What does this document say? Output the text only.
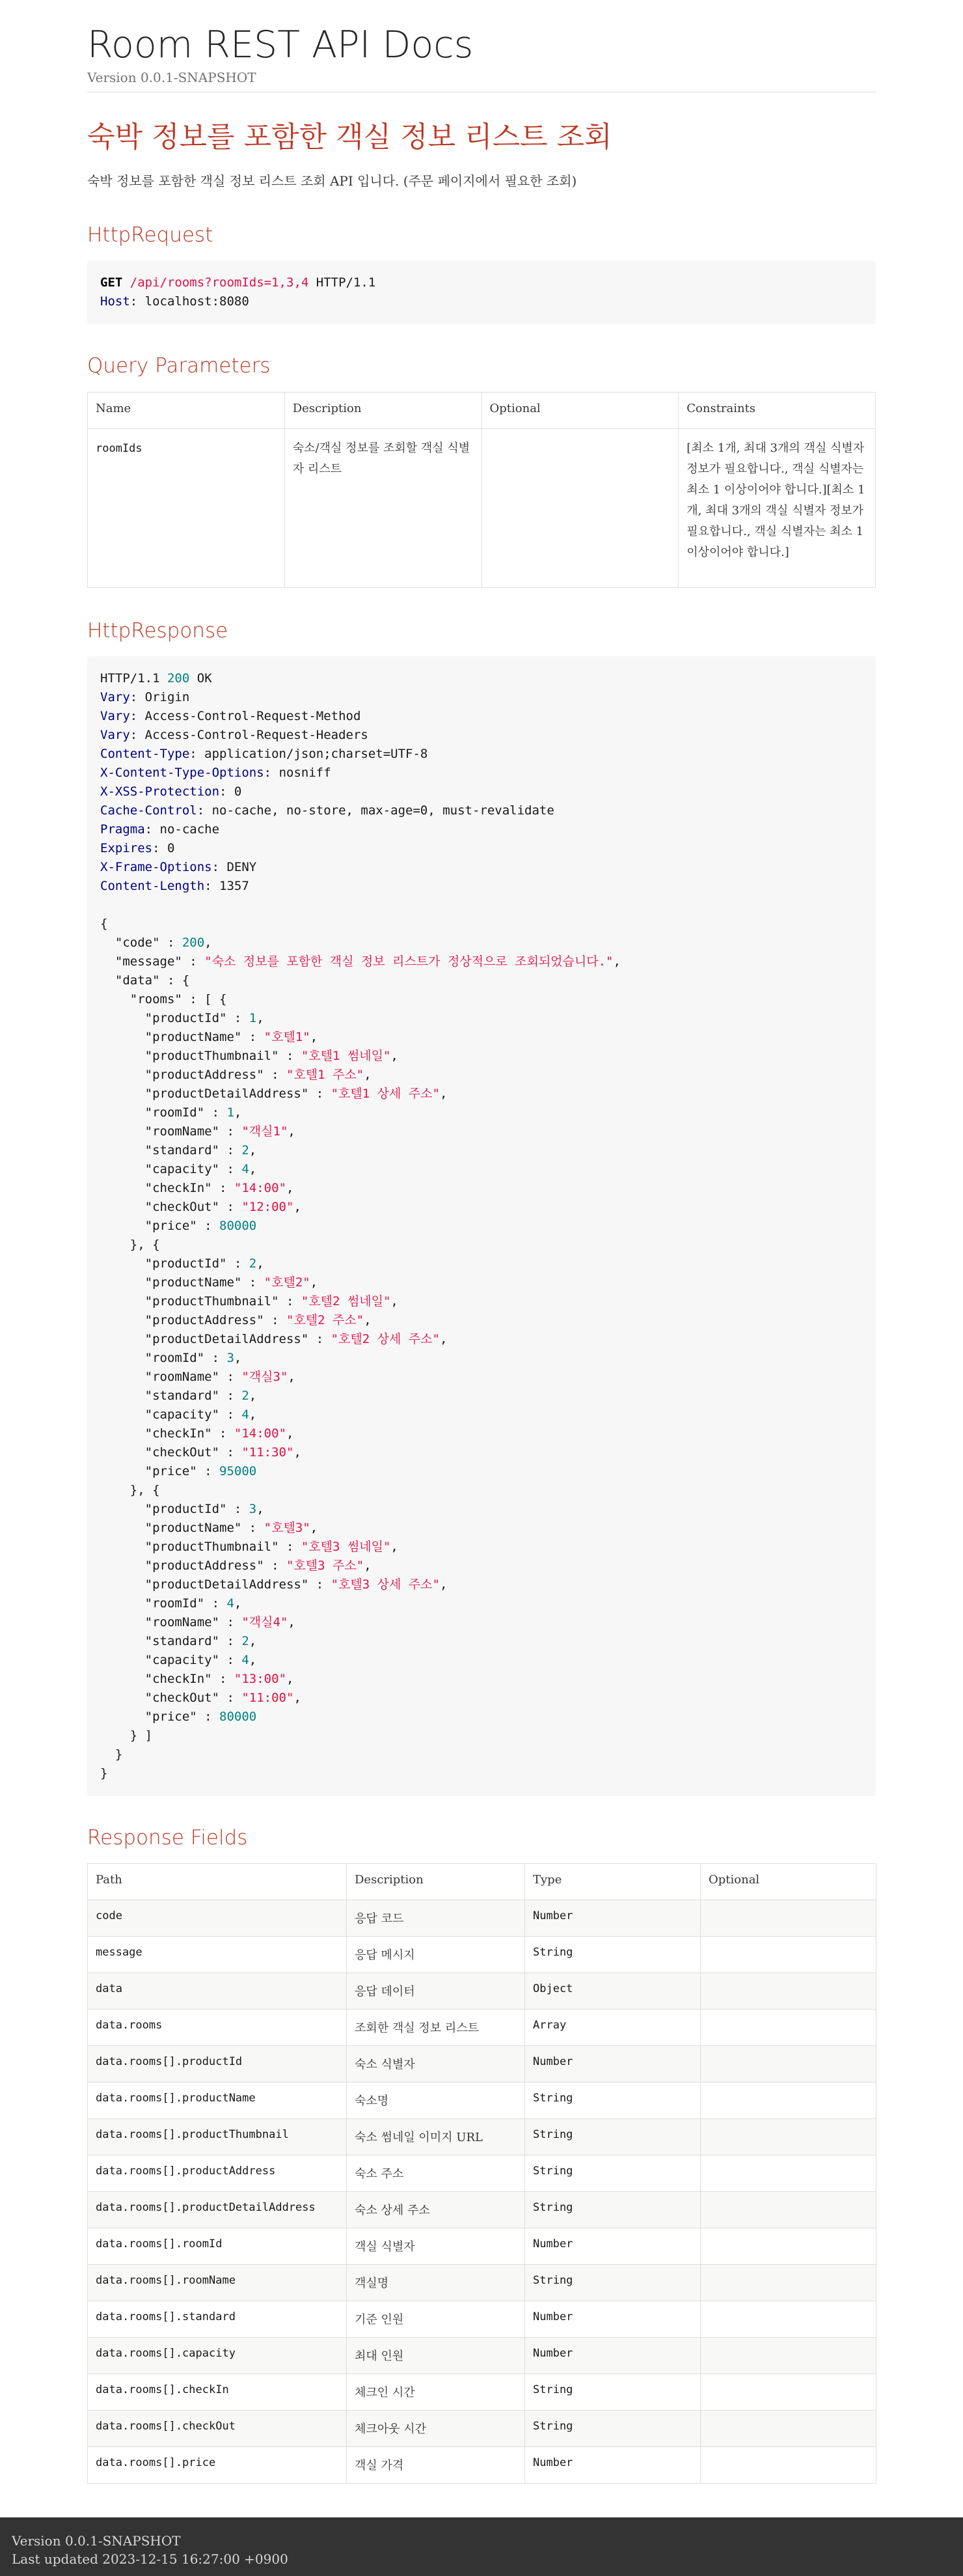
Room REST API Docs
Version 0.0.1-SNAPSHOT
숙박 정보를 포함한 객실 정보 리스트 조회

숙박 정보를 포함한 객실 정보 리스트 조회 API 입니다. (주문 페이지에서 필요한 조회)

HttpRequest
GET /api/rooms?roomIds=1,3,4 HTTP/1.1
Host: localhost:8080
Query Parameters
Name	Description	Optional	Constraints
roomIds	숙소/객실 정보를 조회할 객실 식별자 리스트		[최소 1개, 최대 3개의 객실 식별자 정보가 필요합니다., 객실 식별자는 최소 1 이상이어야 합니다.][최소 1개, 최대 3개의 객실 식별자 정보가 필요합니다., 객실 식별자는 최소 1 이상이어야 합니다.]
HttpResponse
HTTP/1.1 200 OK
Vary: Origin
Vary: Access-Control-Request-Method
Vary: Access-Control-Request-Headers
Content-Type: application/json;charset=UTF-8
X-Content-Type-Options: nosniff
X-XSS-Protection: 0
Cache-Control: no-cache, no-store, max-age=0, must-revalidate
Pragma: no-cache
Expires: 0
X-Frame-Options: DENY
Content-Length: 1357

{
"code" : 200,
"message" : "숙소 정보를 포함한 객실 정보 리스트가 정상적으로 조회되었습니다.",
"data" : {
"rooms" : [ {
"productId" : 1,
"productName" : "호텔1",
"productThumbnail" : "호텔1 썸네일",
"productAddress" : "호텔1 주소",
"productDetailAddress" : "호텔1 상세 주소",
"roomId" : 1,
"roomName" : "객실1",
"standard" : 2,
"capacity" : 4,
"checkIn" : "14:00",
"checkOut" : "12:00",
"price" : 80000
}, {
"productId" : 2,
"productName" : "호텔2",
"productThumbnail" : "호텔2 썸네일",
"productAddress" : "호텔2 주소",
"productDetailAddress" : "호텔2 상세 주소",
"roomId" : 3,
"roomName" : "객실3",
"standard" : 2,
"capacity" : 4,
"checkIn" : "14:00",
"checkOut" : "11:30",
"price" : 95000
}, {
"productId" : 3,
"productName" : "호텔3",
"productThumbnail" : "호텔3 썸네일",
"productAddress" : "호텔3 주소",
"productDetailAddress" : "호텔3 상세 주소",
"roomId" : 4,
"roomName" : "객실4",
"standard" : 2,
"capacity" : 4,
"checkIn" : "13:00",
"checkOut" : "11:00",
"price" : 80000
} ]
}
}
Response Fields
Path	Description	Type	Optional
code	응답 코드	Number	
message	응답 메시지	String	
data	응답 데이터	Object	
data.rooms	조회한 객실 정보 리스트	Array	
data.rooms[].productId	숙소 식별자	Number	
data.rooms[].productName	숙소명	String	
data.rooms[].productThumbnail	숙소 썸네일 이미지 URL	String	
data.rooms[].productAddress	숙소 주소	String	
data.rooms[].productDetailAddress	숙소 상세 주소	String	
data.rooms[].roomId	객실 식별자	Number	
data.rooms[].roomName	객실명	String	
data.rooms[].standard	기준 인원	Number	
data.rooms[].capacity	최대 인원	Number	
data.rooms[].checkIn	체크인 시간	String	
data.rooms[].checkOut	체크아웃 시간	String	
data.rooms[].price	객실 가격	Number	
Version 0.0.1-SNAPSHOT
Last updated 2023-12-15 16:27:00 +0900
